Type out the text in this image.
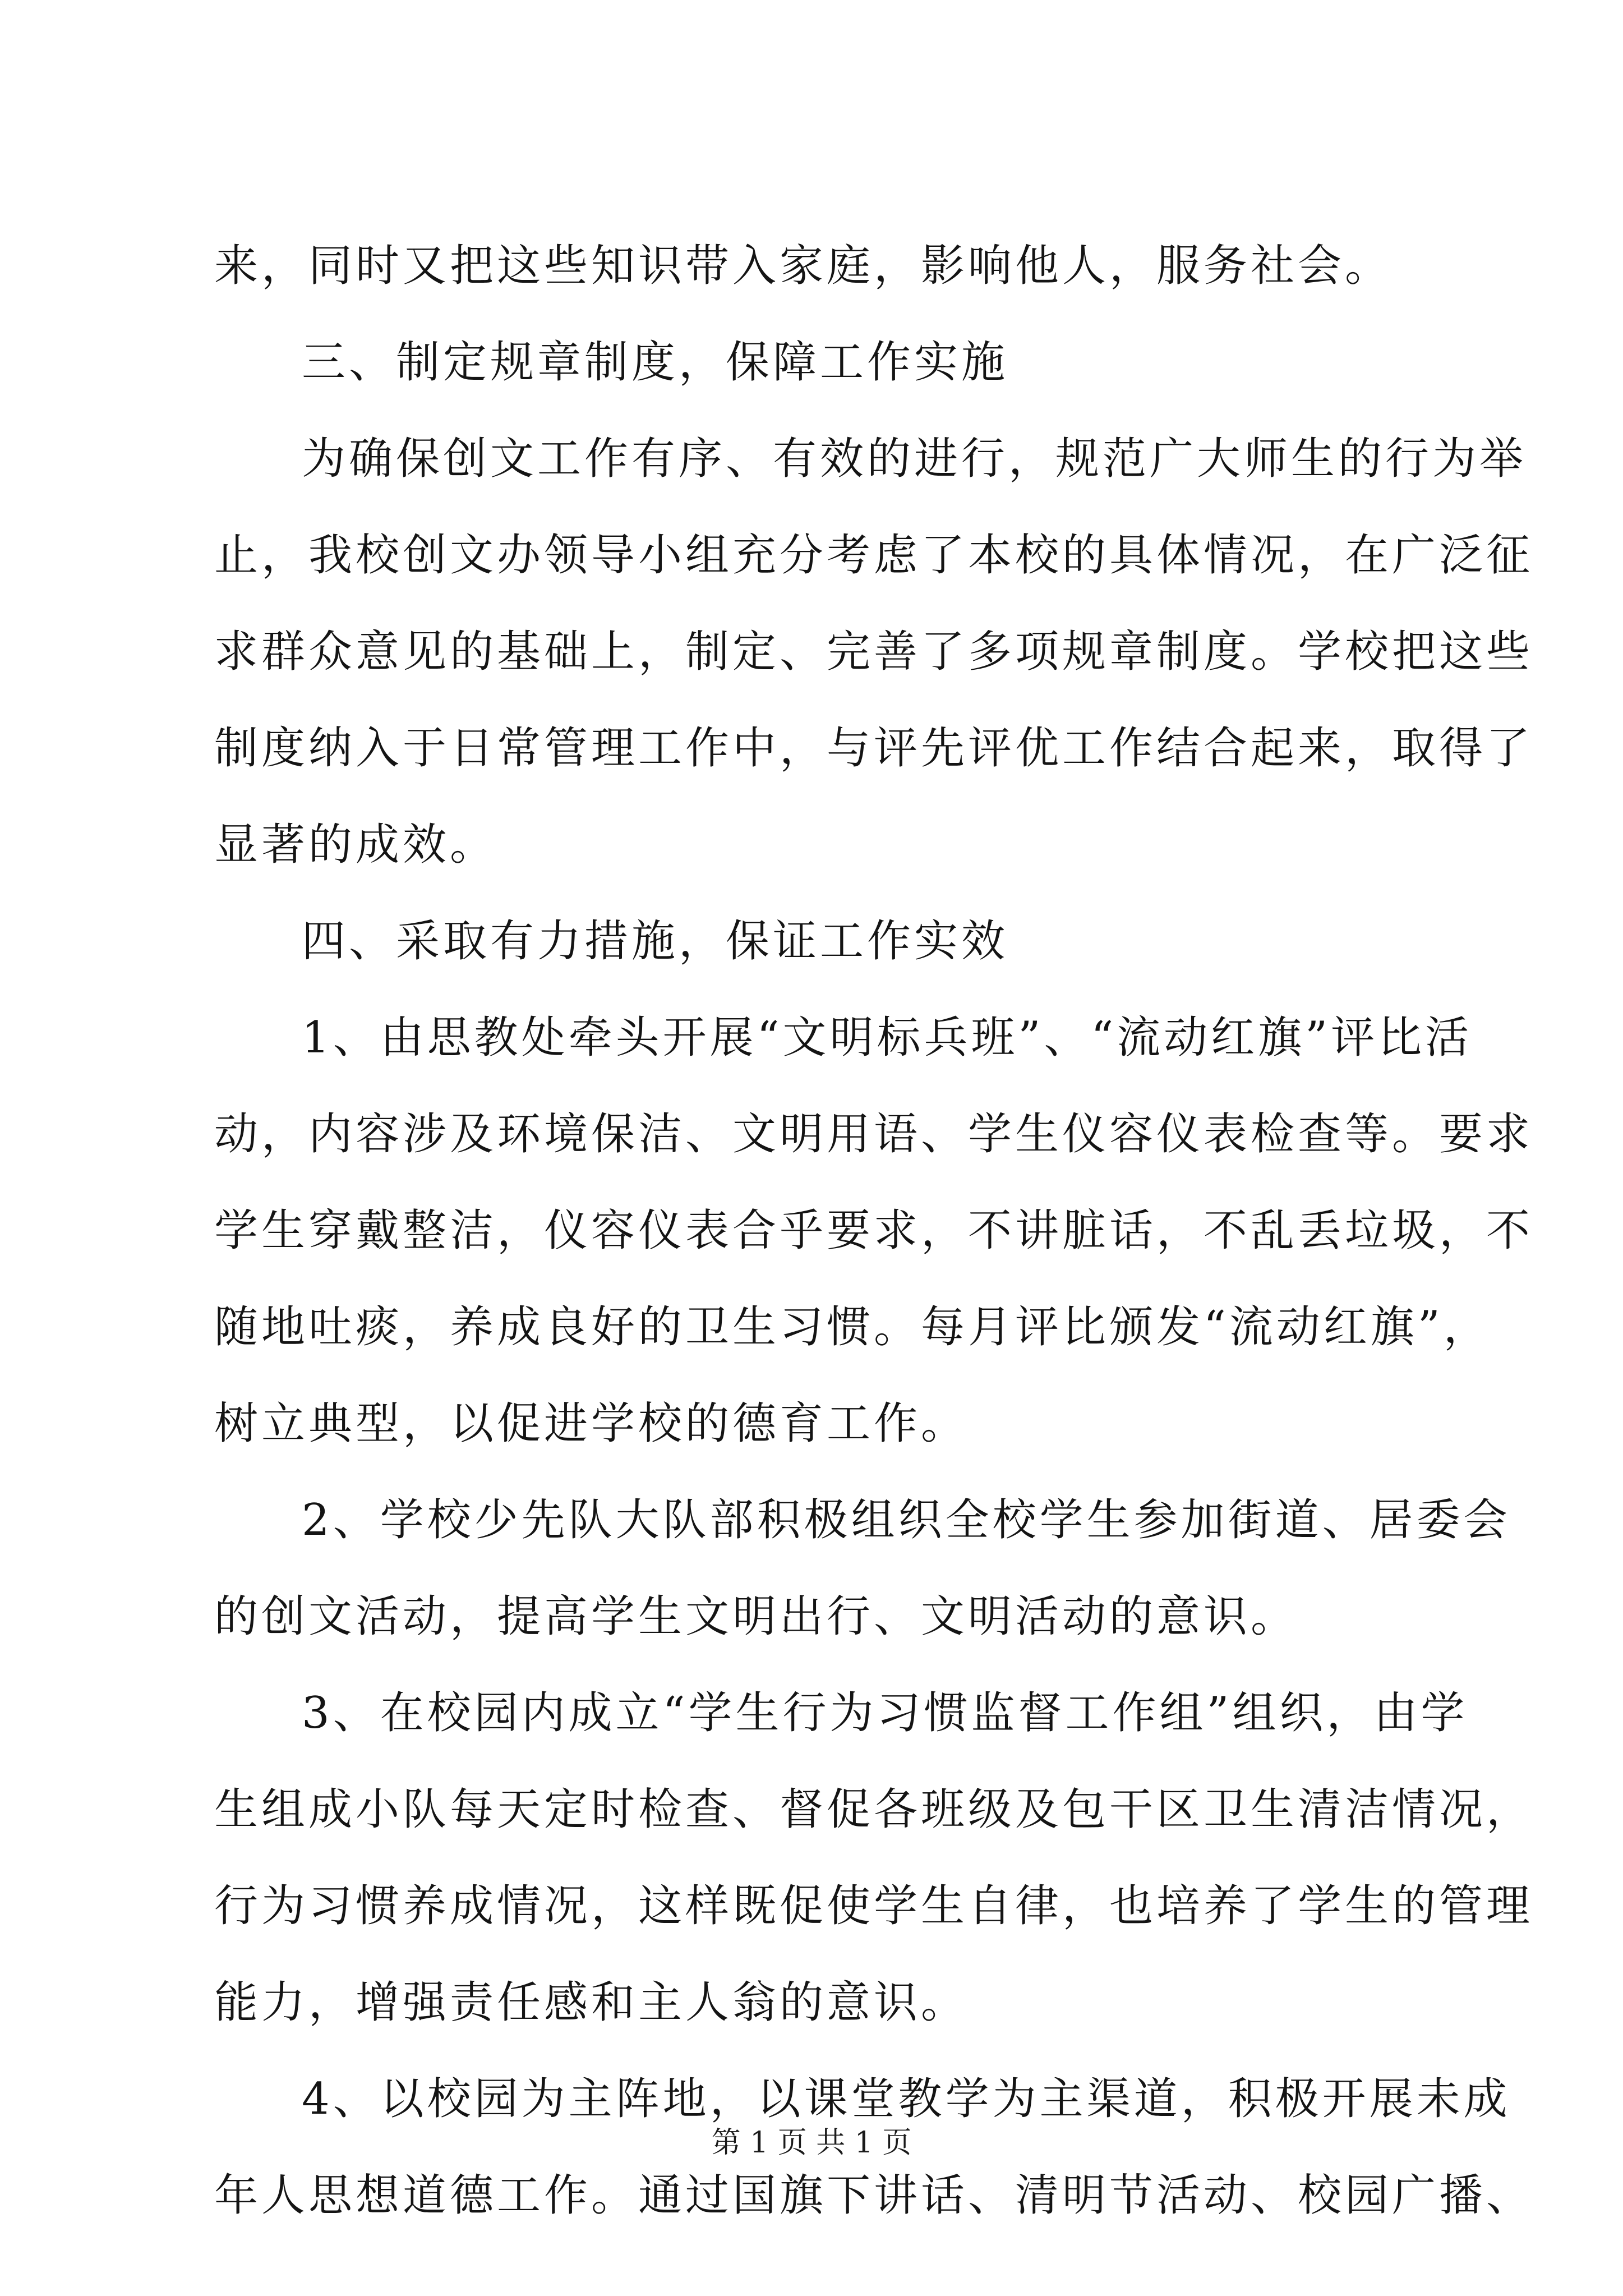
来，同时又把这些知识带入家庭，影响他人，服务社会。
三、制定规章制度，保障工作实施
为确保创文工作有序、有效的进行，规范广大师生的行为举
止，我校创文办领导小组充分考虑了本校的具体情况，在广泛征
求群众意见的基础上，制定、完善了多项规章制度。学校把这些
制度纳入于日常管理工作中，与评先评优工作结合起来，取得了
显著的成效。
四、采取有力措施，保证工作实效
1、由思教处牵头开展“文明标兵班”、“流动红旗”评比活
动，内容涉及环境保洁、文明用语、学生仪容仪表检查等。要求
学生穿戴整洁，仪容仪表合乎要求，不讲脏话，不乱丢垃圾，不
随地吐痰，养成良好的卫生习惯。每月评比颁发“流动红旗”，
树立典型，以促进学校的德育工作。
2、学校少先队大队部积极组织全校学生参加街道、居委会
的创文活动，提高学生文明出行、文明活动的意识。
3、在校园内成立“学生行为习惯监督工作组”组织，由学
生组成小队每天定时检查、督促各班级及包干区卫生清洁情况，
行为习惯养成情况，这样既促使学生自律，也培养了学生的管理
能力，增强责任感和主人翁的意识。
4、以校园为主阵地，以课堂教学为主渠道，积极开展未成
年人思想道德工作。通过国旗下讲话、清明节活动、校园广播、
第 1 页 共 1 页
